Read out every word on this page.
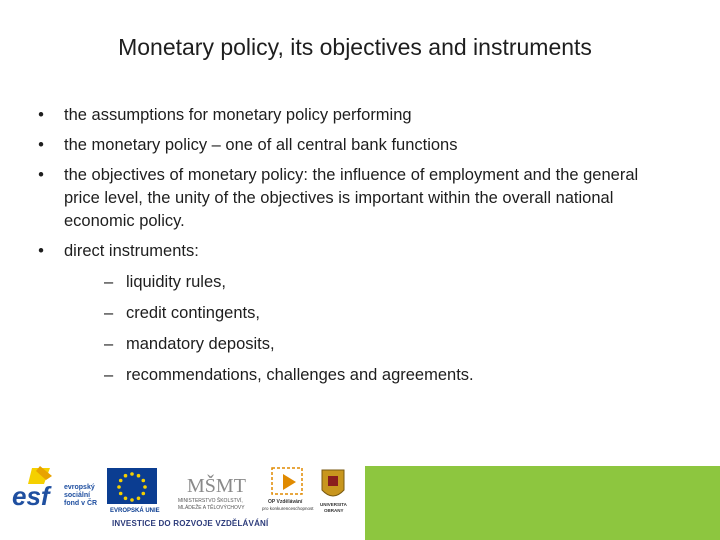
Monetary policy, its objectives and instruments
• the assumptions for monetary policy performing
• the monetary policy – one of all central bank functions
• the objectives of monetary policy: the influence of employment and the general price level, the unity of the objectives is important within the overall national economic policy.
• direct instruments:
– liquidity rules,
– credit contingents,
– mandatory deposits,
– recommendations, challenges and agreements.
esf	evropský
sociální
fond v ČR
EVROPSKÁ UNIE
MŠMT
MINISTERSTVO ŠKOLSTVÍ,
MLÁDEŽE A TĚLOVÝCHOVY
OP Vzdělávání
pro konkurenceschopnost
UNIVERSITA
OBRANY
INVESTICE DO ROZVOJE VZDĚLÁVÁNÍ
